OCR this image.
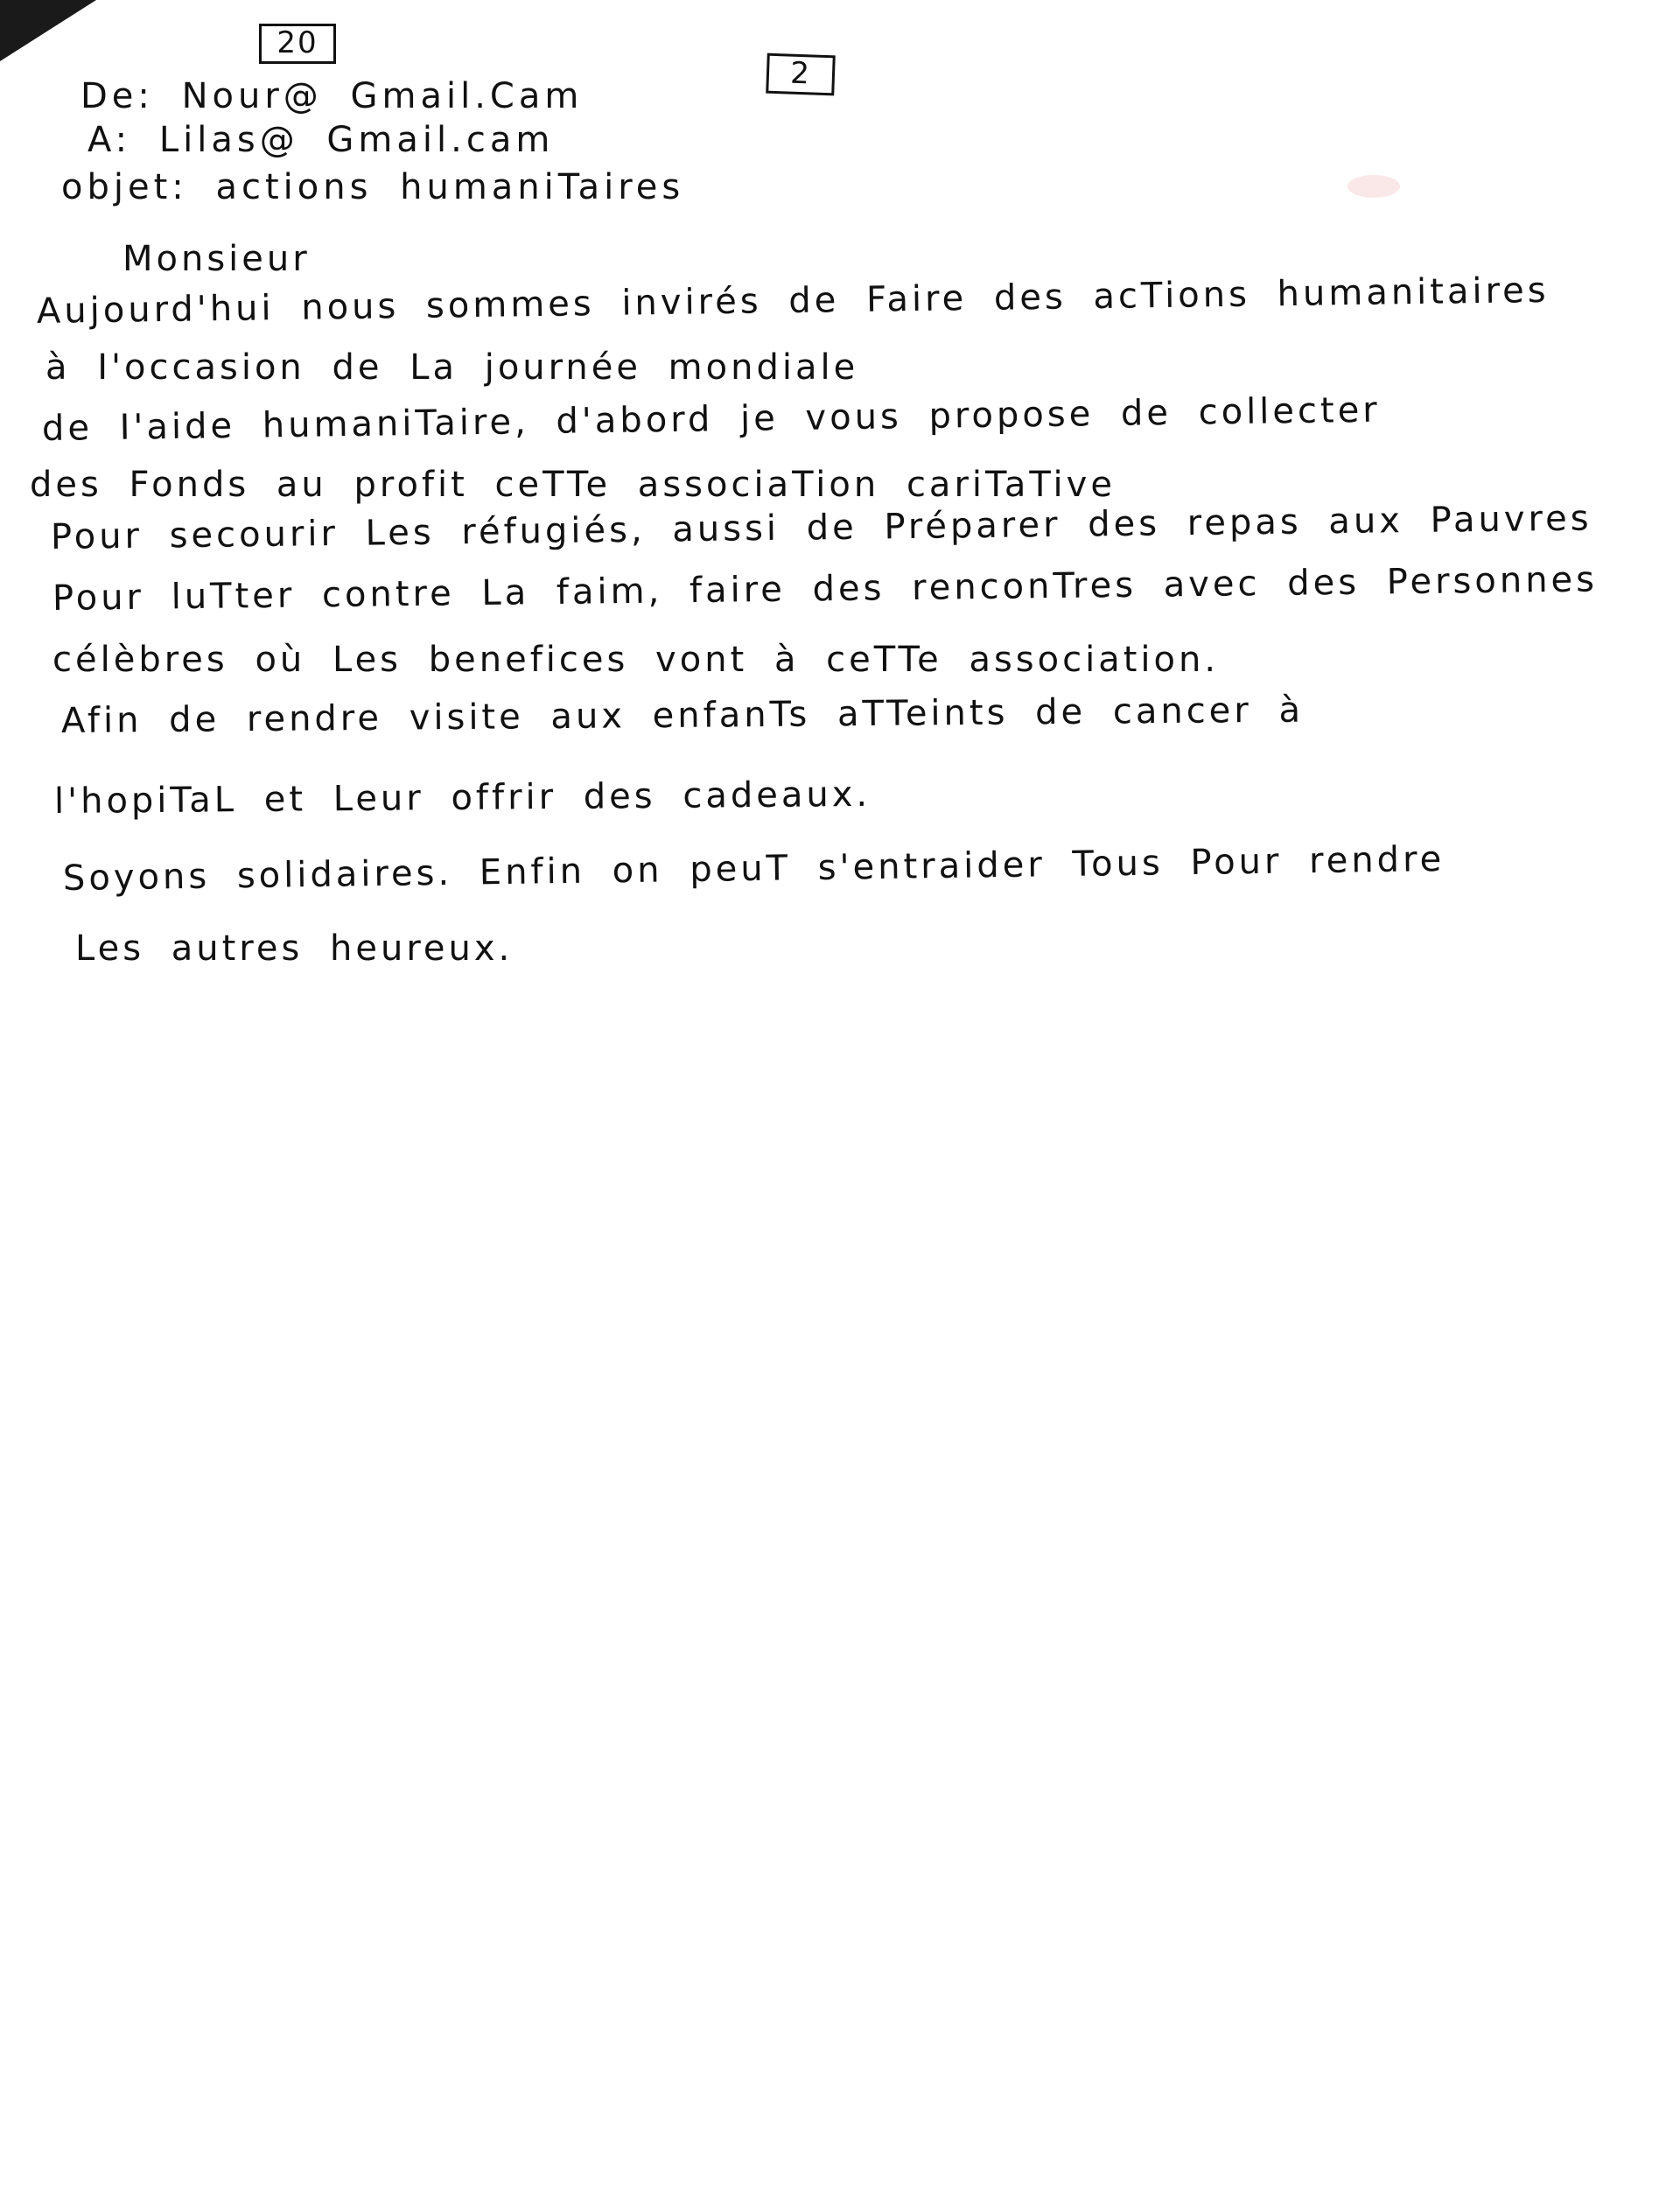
20
2
De: Nour@ Gmail.Cam
A: Lilas@ Gmail.cam
objet: actions humaniTaires
Monsieur
Aujourd'hui nous sommes invirés de Faire des acTions humanitaires
à I'occasion de La journée mondiale
de I'aide humaniTaire, d'abord je vous propose de collecter
des Fonds au profit ceTTe associaTion cariTaTive
Pour secourir Les réfugiés, aussi de Préparer des repas aux Pauvres
Pour luTter contre La faim, faire des renconTres avec des Personnes
célèbres où Les benefices vont à ceTTe association.
Afin de rendre visite aux enfanTs aTTeints de cancer à
l'hopiTaL et Leur offrir des cadeaux.
Soyons solidaires. Enfin on peuT s'entraider Tous Pour rendre
Les autres heureux.
